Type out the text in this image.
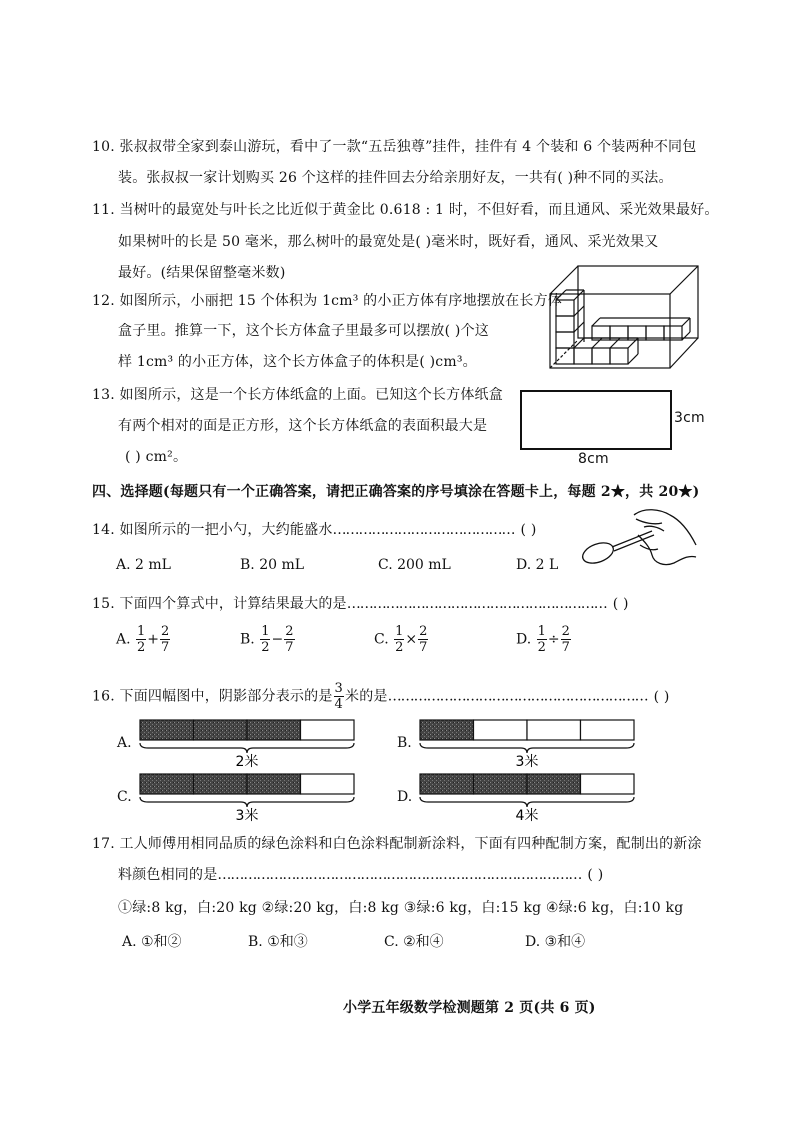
10. 张叔叔带全家到泰山游玩，看中了一款“五岳独尊”挂件，挂件有 4 个装和 6 个装两种不同包
装。张叔叔一家计划购买 26 个这样的挂件回去分给亲朋好友，一共有( )种不同的买法。
11. 当树叶的最宽处与叶长之比近似于黄金比 0.618 : 1 时，不但好看，而且通风、采光效果最好。
如果树叶的长是 50 毫米，那么树叶的最宽处是( )毫米时，既好看，通风、采光效果又
最好。(结果保留整毫米数)
12. 如图所示，小丽把 15 个体积为 1cm³ 的小正方体有序地摆放在长方体
盒子里。推算一下，这个长方体盒子里最多可以摆放( )个这
样 1cm³ 的小正方体，这个长方体盒子的体积是( )cm³。
13. 如图所示，这是一个长方体纸盒的上面。已知这个长方体纸盒
有两个相对的面是正方形，这个长方体纸盒的表面积最大是
( ) cm²。
3cm
8cm
四、选择题(每题只有一个正确答案，请把正确答案的序号填涂在答题卡上，每题 2★，共 20★)
14. 如图所示的一把小勺，大约能盛水…………………………………… ( )
A. 2 mL	B. 20 mL	C. 200 mL	D. 2 L
15. 下面四个算式中，计算结果最大的是…………………………………………………… ( )
A. $\frac{1}{2} + \frac{2}{7}$	B. $\frac{1}{2} - \frac{2}{7}$	C. $\frac{1}{2} \times \frac{2}{7}$	D. $\frac{1}{2} \div \frac{2}{7}$
16. 下面四幅图中，阴影部分表示的是 $\frac{3}{4}$ 米的是…………………………………………………… ( )
2米	3米
3米	4米
A.	B.
C.	D.
17. 工人师傅用相同品质的绿色涂料和白色涂料配制新涂料，下面有四种配制方案，配制出的新涂
料颜色相同的是………………………………………………………………………… ( )
①绿:8 kg，白:20 kg ②绿:20 kg，白:8 kg ③绿:6 kg，白:15 kg ④绿:6 kg，白:10 kg
A. ①和②	B. ①和③	C. ②和④	D. ③和④
小学五年级数学检测题第 2 页(共 6 页)
